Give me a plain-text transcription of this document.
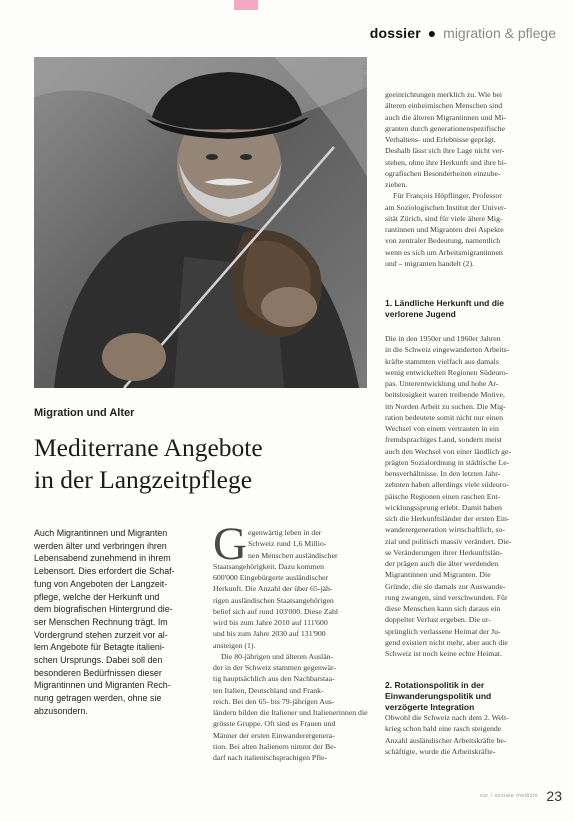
dossier ● migration & pflege
Foto: photocase
Migration und Alter
Mediterrane Angebote
in der Langzeitpflege

Auch Migrantinnen und Migranten
werden älter und verbringen ihren
Lebensabend zunehmend in ihrem
Lebensort. Dies erfordert die Schaf-
fung von Angeboten der Langzeit-
pflege, welche der Herkunft und
dem biografischen Hintergrund die-
ser Menschen Rechnung trägt. Im
Vordergrund stehen zurzeit vor al-
lem Angebote für Betagte italieni-
schen Ursprungs. Dabei soll den
besonderen Bedürfnissen dieser
Migrantinnen und Migranten Rech-
nung getragen werden, ohne sie
abzusondern.

G egenwärtig leben in der
Schweiz rund 1,6 Millio-
nen Menschen ausländischer
Staatsangehörigkeit. Dazu kommen
600'000 Eingebürgerte ausländischer
Herkunft. Die Anzahl der über 65-jäh-
rigen ausländischen Staatsangehörigen
belief sich auf rund 103'000. Diese Zahl
wird bis zum Jahre 2010 auf 111'600
und bis zum Jahre 2030 auf 131'900
ansteigen (1).
Die 80-jährigen und älteren Auslän-
der in der Schweiz stammen gegenwär-
tig hauptsächlich aus den Nachbarstaa-
ten Italien, Deutschland und Frank-
reich. Bei den 65- bis 79-jährigen Aus-
ländern bilden die Italiener und Italienerinnen die
grösste Gruppe. Oft sind es Frauen und
Männer der ersten Einwanderergenera-
tion. Bei alten Italienern nimmt der Be-
darf nach italienischsprachigen Pfle-

geeinrichtungen merklich zu. Wie bei
älteren einheimischen Menschen sind
auch die älteren Migrantinnen und Mi-
granten durch generationenspezifische
Verhaltens- und Erlebnisse geprägt.
Deshalb lässt sich ihre Lage nicht ver-
stehen, ohne ihre Herkunft und ihre bi-
ografischen Besonderheiten einzube-
ziehen.
Für François Höpflinger, Professor
am Soziologischen Institut der Univer-
sität Zürich, sind für viele ältere Mig-
rantinnen und Migranten drei Aspekte
von zentraler Bedeutung, namentlich
wenn es sich um Arbeitsmigrantinnen
und – migranten handelt (2).

1. Ländliche Herkunft und die
verlorene Jugend

Die in den 1950er und 1960er Jahren
in die Schweiz eingewanderten Arbeits-
kräfte stammten vielfach aus damals
wenig entwickelten Regionen Südeuro-
pas. Unterentwicklung und hohe Ar-
beitslosigkeit waren treibende Motive,
im Norden Arbeit zu suchen. Die Mig-
ration bedeutete somit nicht nur einen
Wechsel von einem vertrauten in ein
fremdsprachiges Land, sondern meist
auch den Wechsel von einer ländlich ge-
prägten Sozialordnung in städtische Le-
bensverhältnisse. In den letzten Jahr-
zehnten haben allerdings viele südeuro-
päische Regionen einen raschen Ent-
wicklungssprung erlebt. Damit haben
sich die Herkunftsländer der ersten Ein-
wanderergeneration wirtschaftlich, so-
zial und politisch massiv verändert. Die-
se Veränderungen ihrer Herkunftslän-
der prägen auch die älter werdenden
Migrantinnen und Migranten. Die
Gründe, die sie damals zur Auswande-
rung zwangen, sind verschwunden. Für
diese Menschen kann sich daraus ein
doppelter Verlust ergeben. Die ur-
sprünglich verlassene Heimat der Ju-
gend existiert nicht mehr, aber auch die
Schweiz ist noch keine echte Heimat.

2. Rotationspolitik in der
Einwanderungspolitik und
verzögerte Integration

Obwohl die Schweiz nach dem 2. Welt-
krieg schon bald eine rasch steigende
Anzahl ausländischer Arbeitskräfte be-
schäftigte, wurde die Arbeitskräfte-

ssr / soziale medizin 23
